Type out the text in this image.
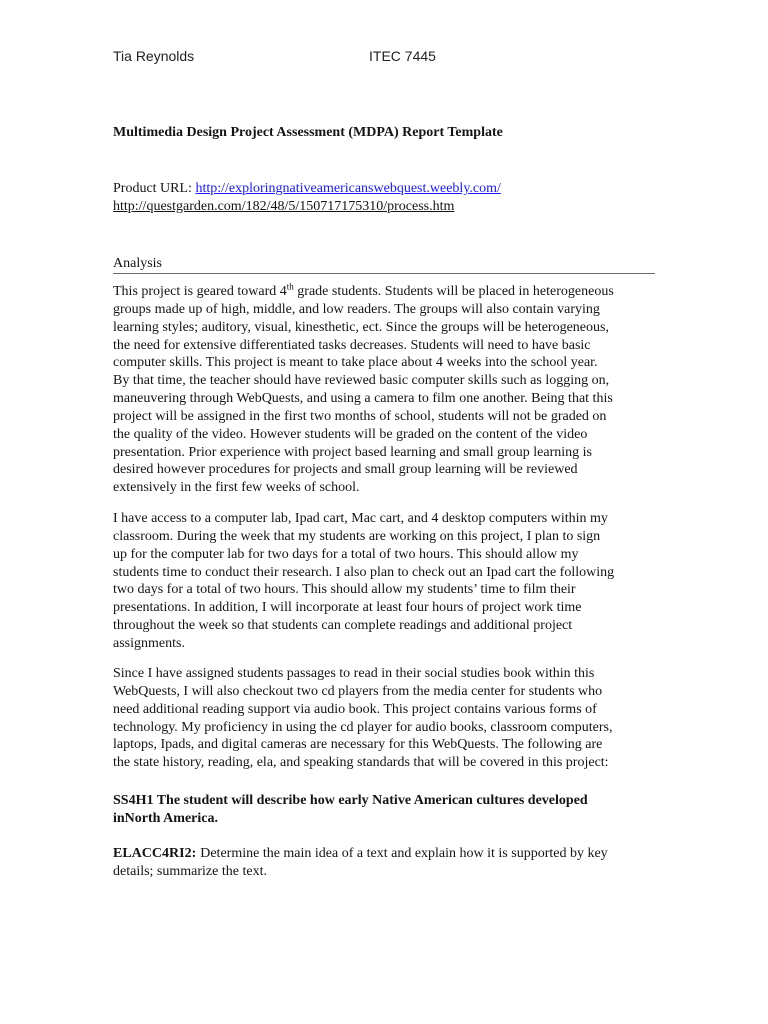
Tia Reynolds	ITEC 7445
Multimedia Design Project Assessment (MDPA) Report Template
Product URL: http://exploringnativeamericanswebquest.weebly.com/
http://questgarden.com/182/48/5/150717175310/process.htm
Analysis
This project is geared toward 4th grade students. Students will be placed in heterogeneous
groups made up of high, middle, and low readers. The groups will also contain varying
learning styles; auditory, visual, kinesthetic, ect. Since the groups will be heterogeneous,
the need for extensive differentiated tasks decreases. Students will need to have basic
computer skills. This project is meant to take place about 4 weeks into the school year.
By that time, the teacher should have reviewed basic computer skills such as logging on,
maneuvering through WebQuests, and using a camera to film one another. Being that this
project will be assigned in the first two months of school, students will not be graded on
the quality of the video. However students will be graded on the content of the video
presentation. Prior experience with project based learning and small group learning is
desired however procedures for projects and small group learning will be reviewed
extensively in the first few weeks of school.
I have access to a computer lab, Ipad cart, Mac cart, and 4 desktop computers within my
classroom. During the week that my students are working on this project, I plan to sign
up for the computer lab for two days for a total of two hours. This should allow my
students time to conduct their research. I also plan to check out an Ipad cart the following
two days for a total of two hours. This should allow my students’ time to film their
presentations. In addition, I will incorporate at least four hours of project work time
throughout the week so that students can complete readings and additional project
assignments.
Since I have assigned students passages to read in their social studies book within this
WebQuests, I will also checkout two cd players from the media center for students who
need additional reading support via audio book. This project contains various forms of
technology. My proficiency in using the cd player for audio books, classroom computers,
laptops, Ipads, and digital cameras are necessary for this WebQuests. The following are
the state history, reading, ela, and speaking standards that will be covered in this project:
SS4H1 The student will describe how early Native American cultures developed
inNorth America.
ELACC4RI2: Determine the main idea of a text and explain how it is supported by key
details; summarize the text.
